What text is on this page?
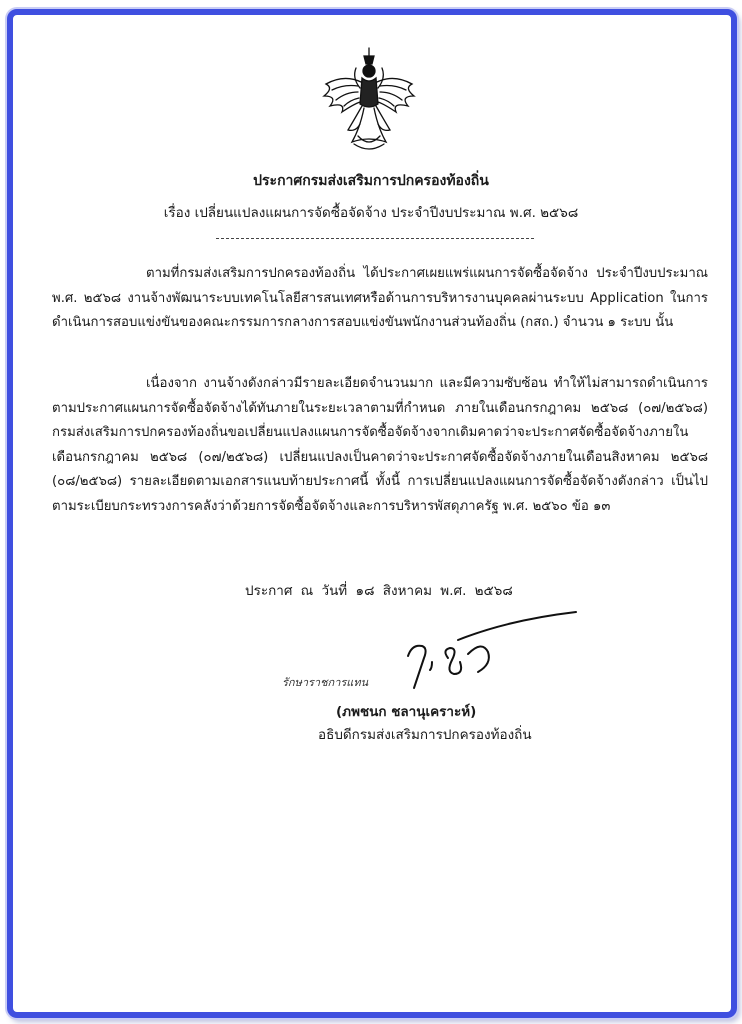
ประกาศกรมส่งเสริมการปกครองท้องถิ่น
เรื่อง เปลี่ยนแปลงแผนการจัดซื้อจัดจ้าง ประจำปีงบประมาณ พ.ศ. ๒๕๖๘

ตามที่กรมส่งเสริมการปกครองท้องถิ่น ได้ประกาศเผยแพร่แผนการจัดซื้อจัดจ้าง ประจำปีงบประมาณ พ.ศ. ๒๕๖๘ งานจ้างพัฒนาระบบเทคโนโลยีสารสนเทศหรือด้านการบริหารงานบุคคลผ่านระบบ Application ในการดำเนินการสอบแข่งขันของคณะกรรมการกลางการสอบแข่งขันพนักงานส่วนท้องถิ่น (กสถ.) จำนวน ๑ ระบบ นั้น

เนื่องจาก งานจ้างดังกล่าวมีรายละเอียดจำนวนมาก และมีความซับซ้อน ทำให้ไม่สามารถดำเนินการตามประกาศแผนการจัดซื้อจัดจ้างได้ทันภายในระยะเวลาตามที่กำหนด ภายในเดือนกรกฎาคม ๒๕๖๘ (๐๗/๒๕๖๘) กรมส่งเสริมการปกครองท้องถิ่นขอเปลี่ยนแปลงแผนการจัดซื้อจัดจ้างจากเดิมคาดว่าจะประกาศจัดซื้อจัดจ้างภายในเดือนกรกฎาคม ๒๕๖๘ (๐๗/๒๕๖๘) เปลี่ยนแปลงเป็นคาดว่าจะประกาศจัดซื้อจัดจ้างภายในเดือนสิงหาคม ๒๕๖๘ (๐๘/๒๕๖๘) รายละเอียดตามเอกสารแนบท้ายประกาศนี้ ทั้งนี้ การเปลี่ยนแปลงแผนการจัดซื้อจัดจ้างดังกล่าว เป็นไปตามระเบียบกระทรวงการคลังว่าด้วยการจัดซื้อจัดจ้างและการบริหารพัสดุภาครัฐ พ.ศ. ๒๕๖๐ ข้อ ๑๓

ประกาศ ณ วันที่ ๑๘ สิงหาคม พ.ศ. ๒๕๖๘
รักษาราชการแทน
(ภพชนก ชลานุเคราะห์)
อธิบดีกรมส่งเสริมการปกครองท้องถิ่น
